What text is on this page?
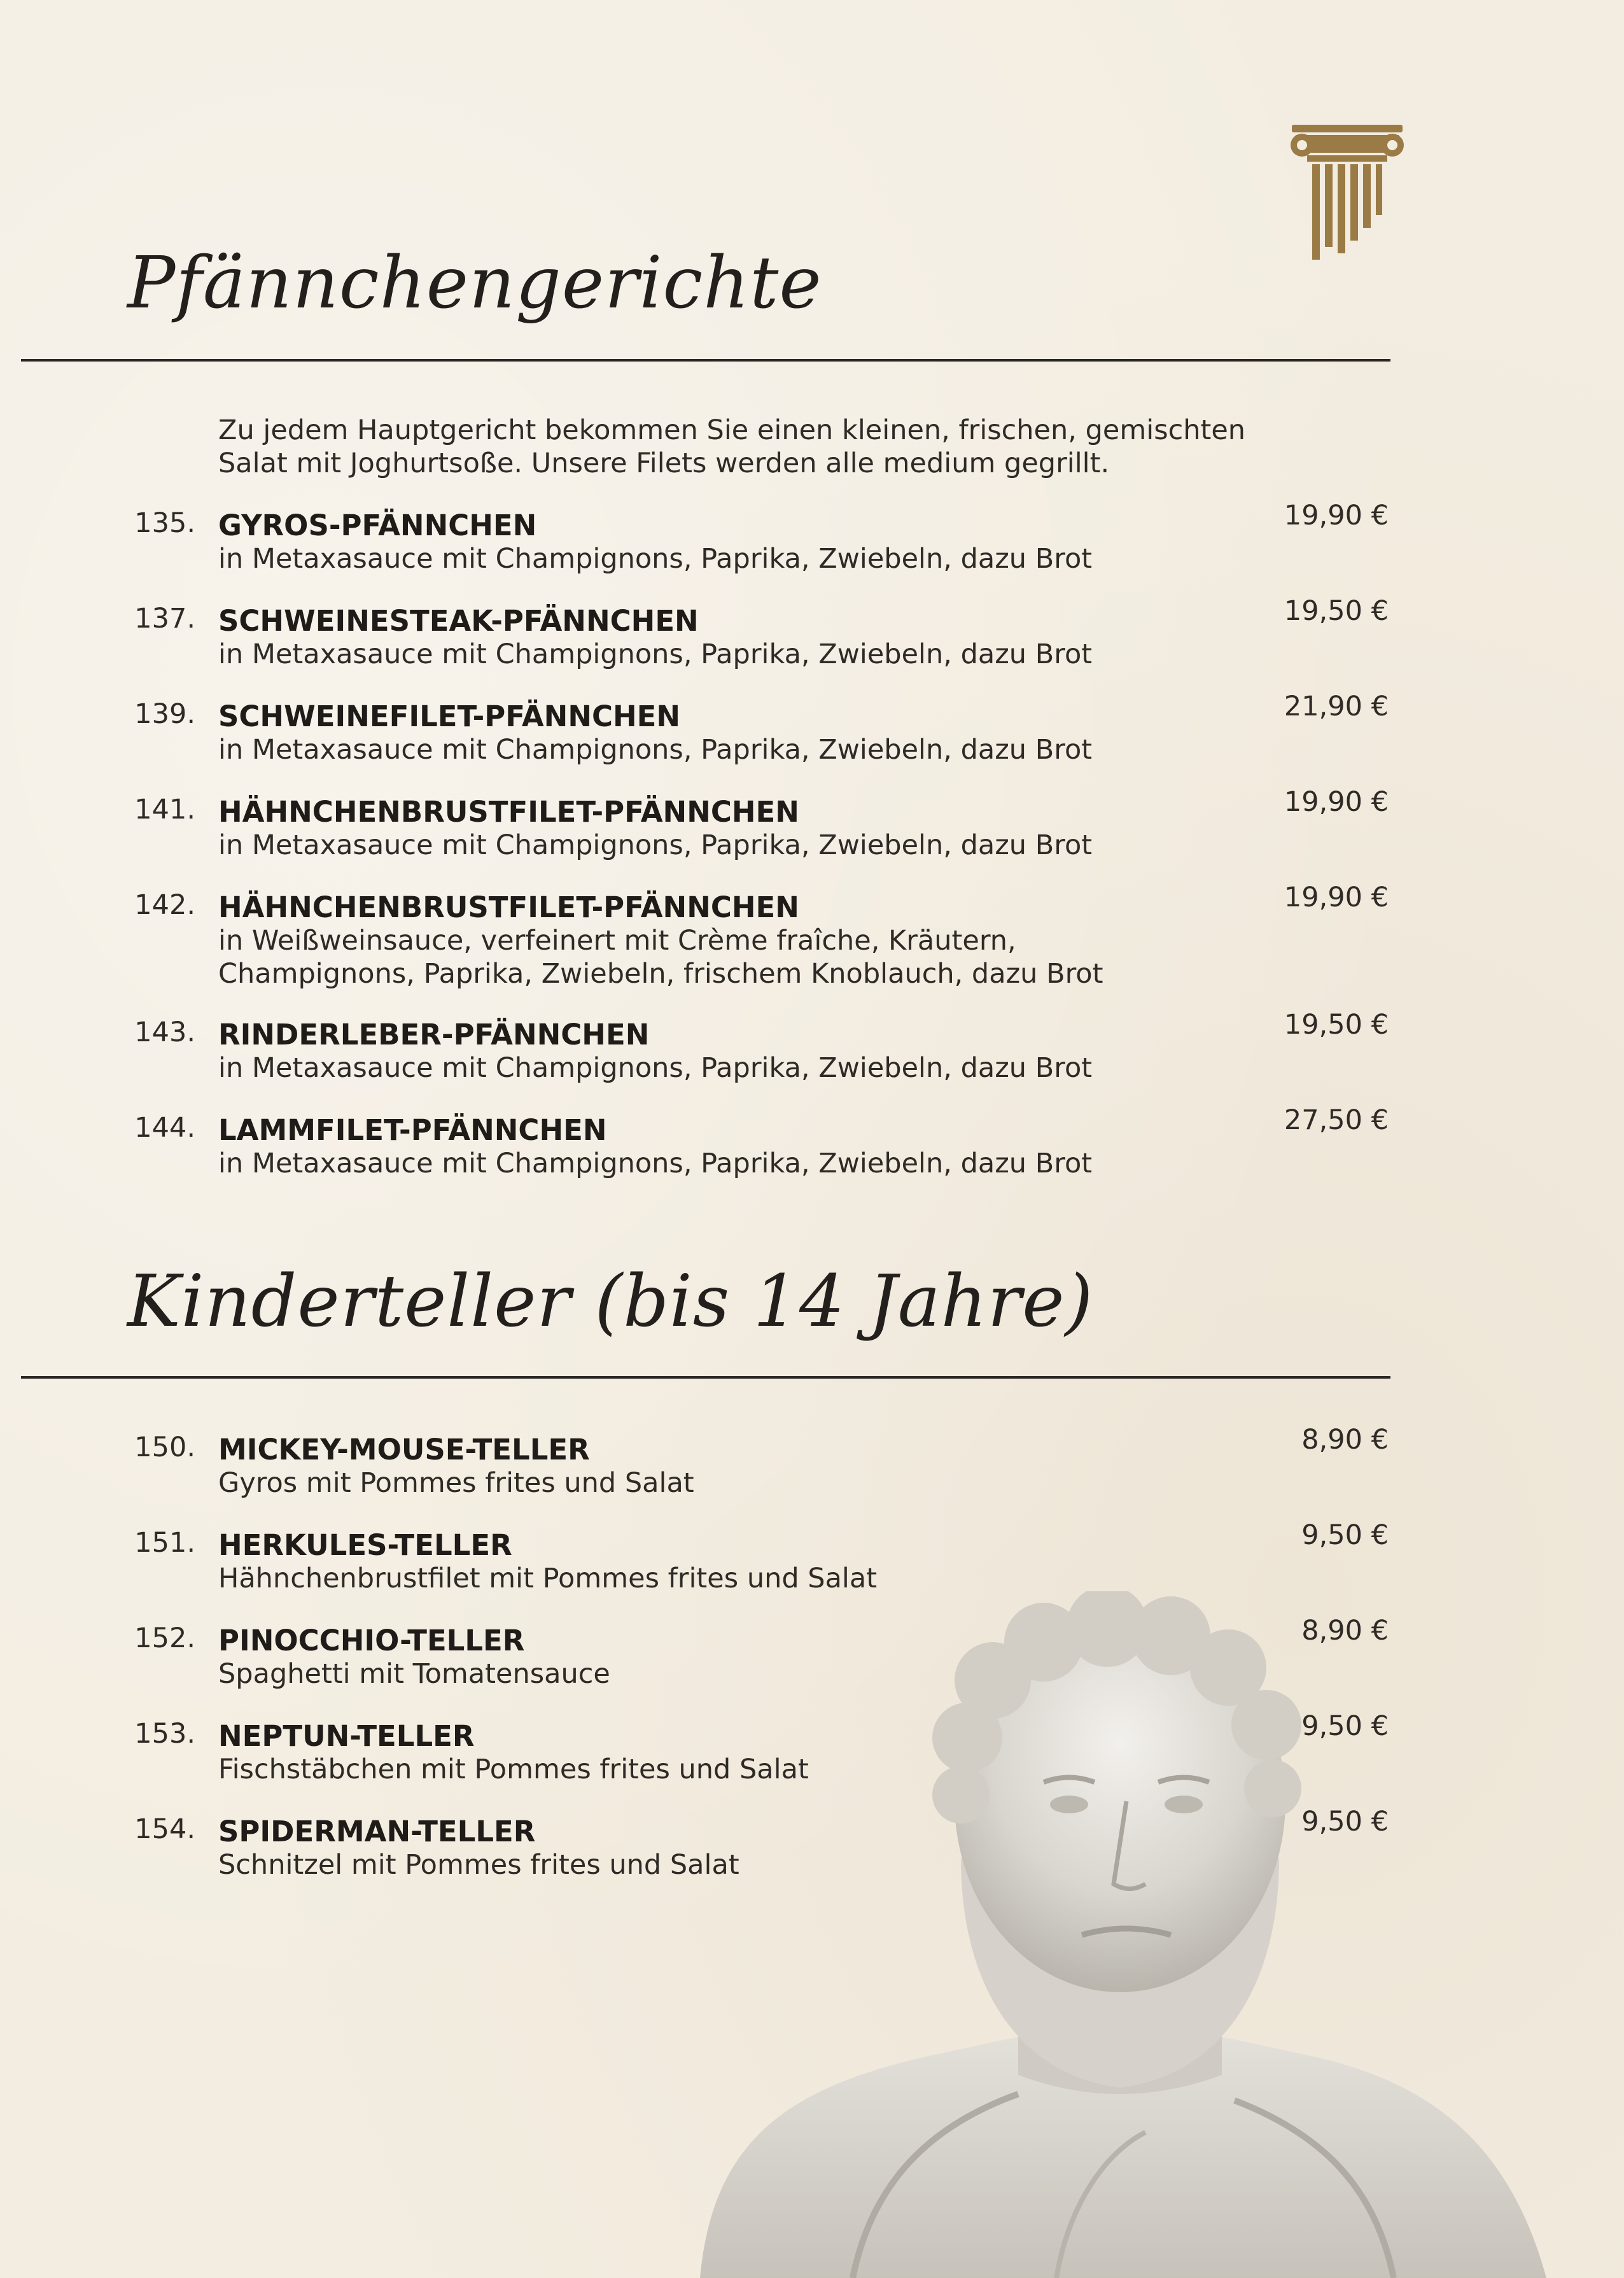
Pfännchengerichte
Zu jedem Hauptgericht bekommen Sie einen kleinen, frischen, gemischten Salat mit Joghurtsoße. Unsere Filets werden alle medium gegrillt.
135. GYROS-PFÄNNCHEN
in Metaxasauce mit Champignons, Paprika, Zwiebeln, dazu Brot
19,90 €
137. SCHWEINESTEAK-PFÄNNCHEN
in Metaxasauce mit Champignons, Paprika, Zwiebeln, dazu Brot
19,50 €
139. SCHWEINEFILET-PFÄNNCHEN
in Metaxasauce mit Champignons, Paprika, Zwiebeln, dazu Brot
21,90 €
141. HÄHNCHENBRUSTFILET-PFÄNNCHEN
in Metaxasauce mit Champignons, Paprika, Zwiebeln, dazu Brot
19,90 €
142. HÄHNCHENBRUSTFILET-PFÄNNCHEN
in Weißweinsauce, verfeinert mit Crème fraîche, Kräutern, Champignons, Paprika, Zwiebeln, frischem Knoblauch, dazu Brot
19,90 €
143. RINDERLEBER-PFÄNNCHEN
in Metaxasauce mit Champignons, Paprika, Zwiebeln, dazu Brot
19,50 €
144. LAMMFILET-PFÄNNCHEN
in Metaxasauce mit Champignons, Paprika, Zwiebeln, dazu Brot
27,50 €
Kinderteller (bis 14 Jahre)
150. MICKEY-MOUSE-TELLER
Gyros mit Pommes frites und Salat
8,90 €
151. HERKULES-TELLER
Hähnchenbrustfilet mit Pommes frites und Salat
9,50 €
152. PINOCCHIO-TELLER
Spaghetti mit Tomatensauce
8,90 €
153. NEPTUN-TELLER
Fischstäbchen mit Pommes frites und Salat
9,50 €
154. SPIDERMAN-TELLER
Schnitzel mit Pommes frites und Salat
9,50 €
